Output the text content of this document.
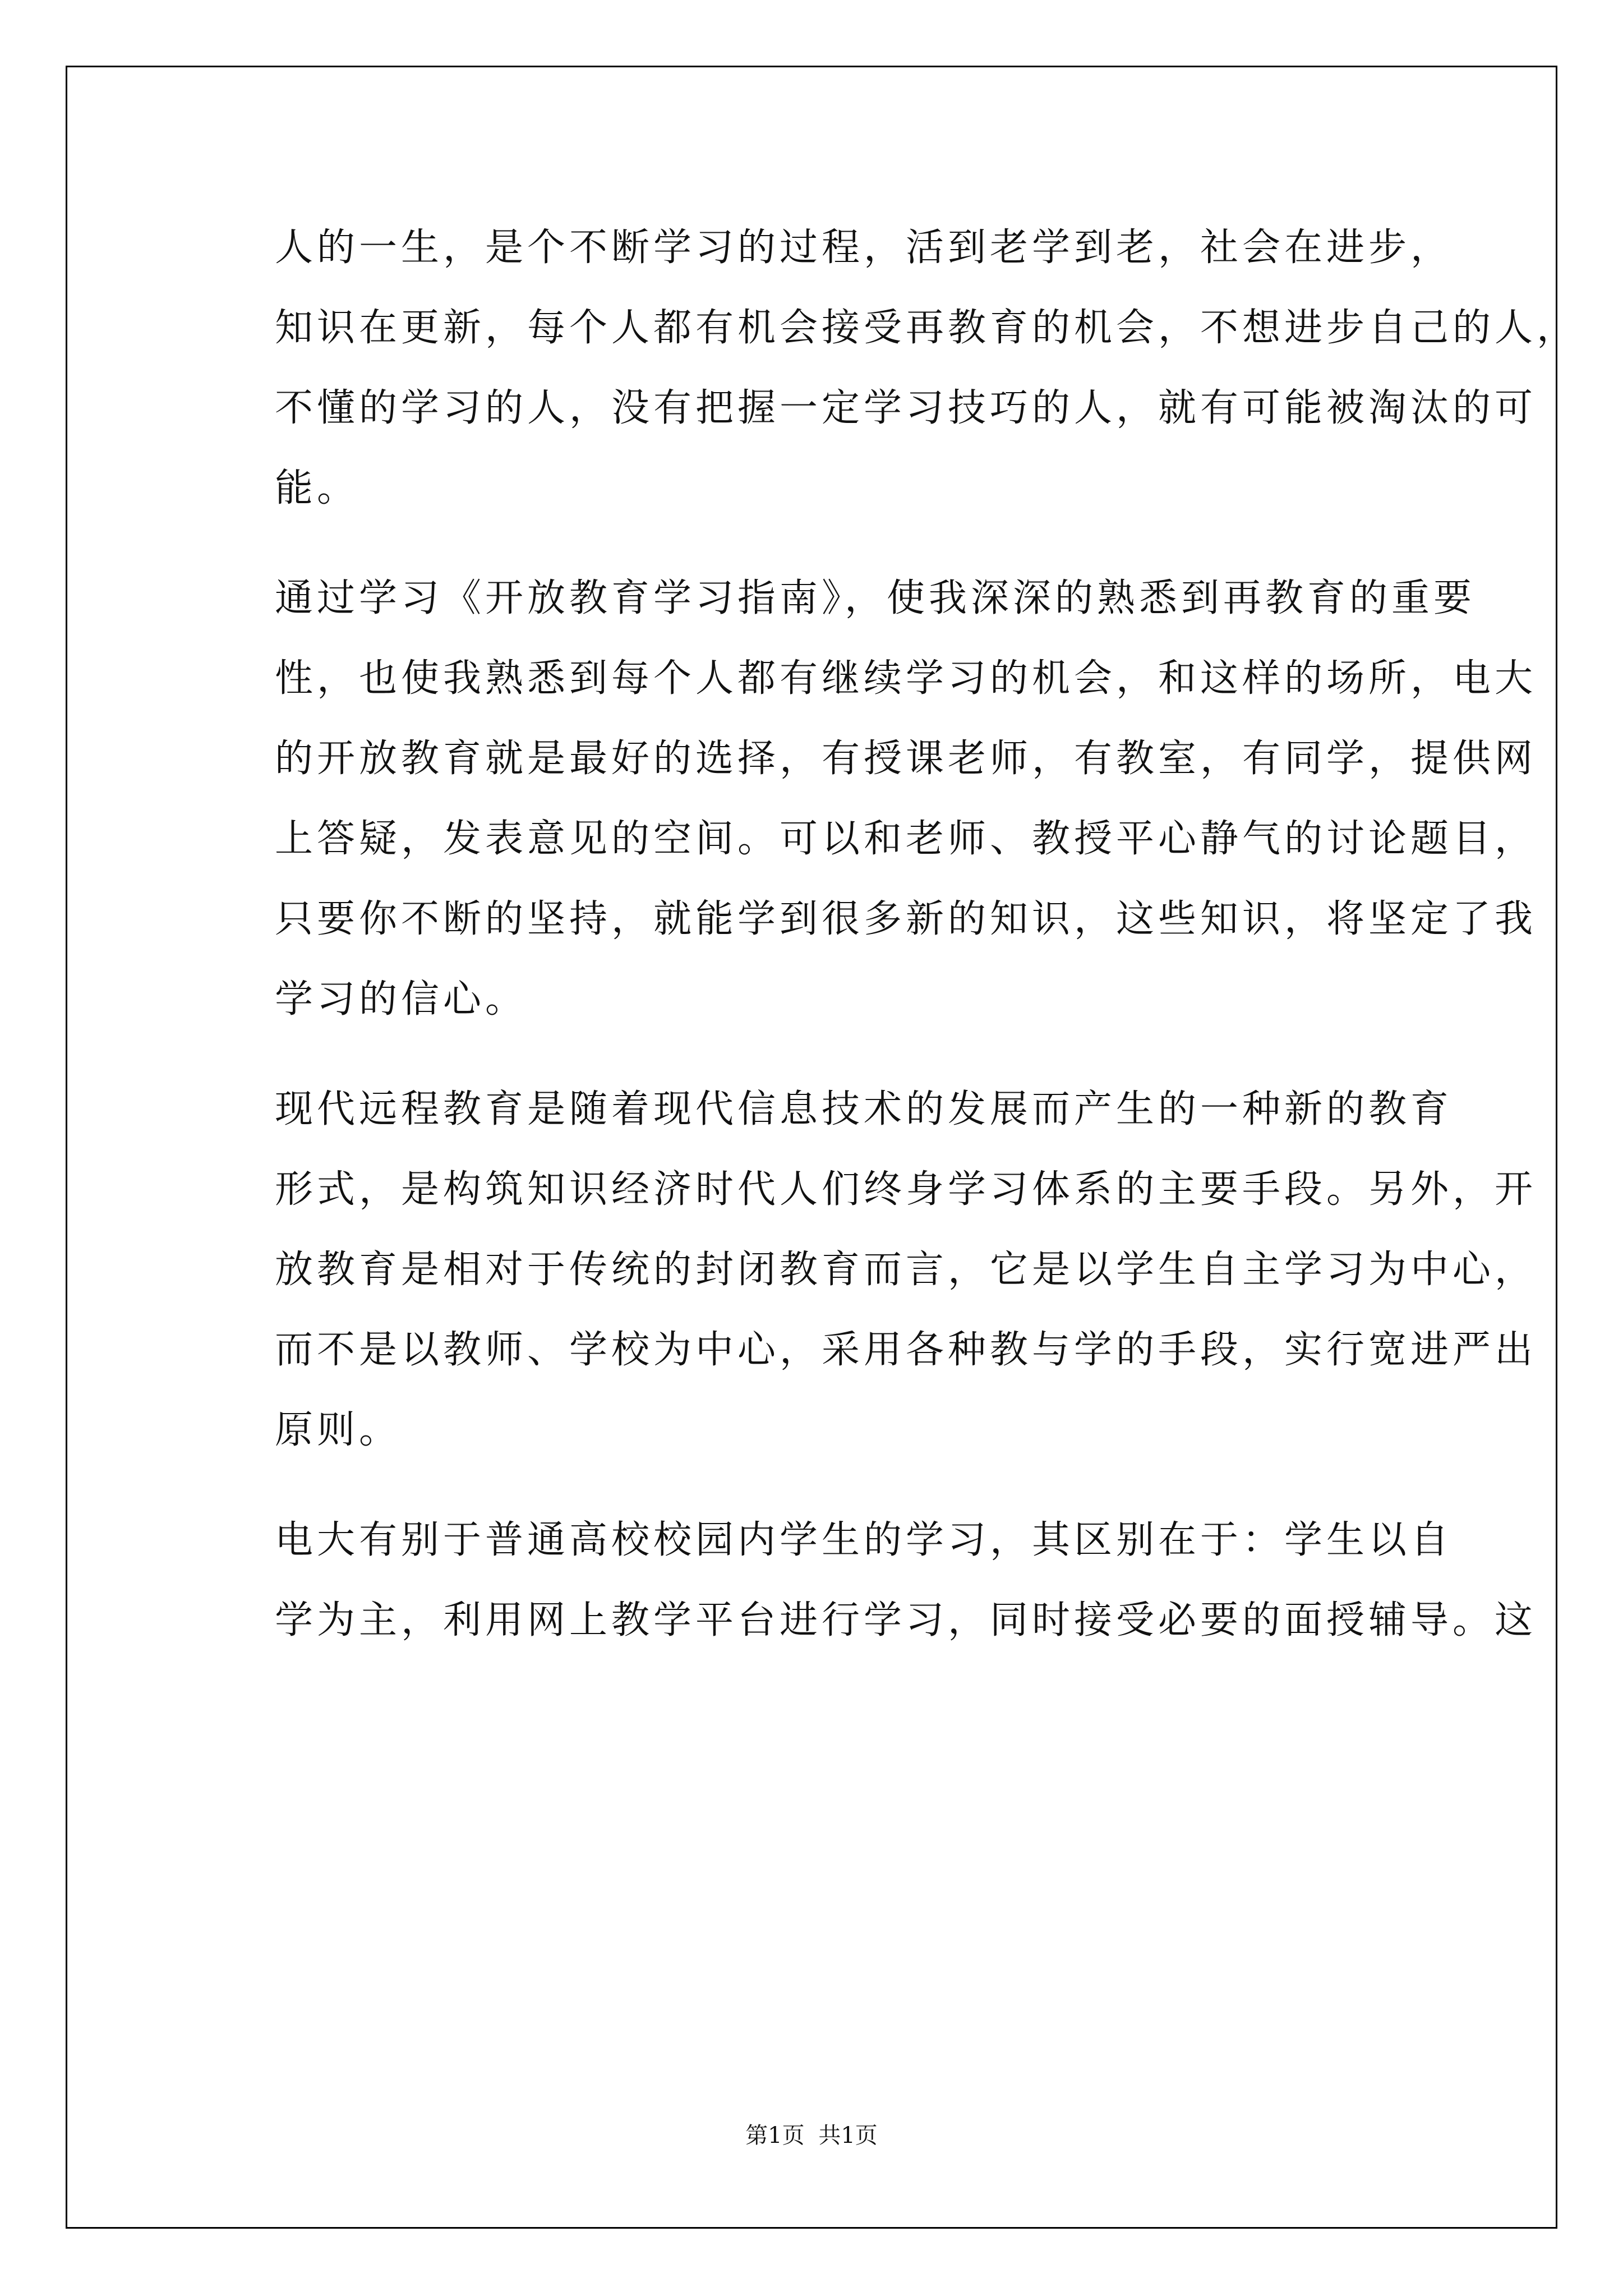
人的一生，是个不断学习的过程，活到老学到老，社会在进步，
知识在更新，每个人都有机会接受再教育的机会，不想进步自己的人，
不懂的学习的人，没有把握一定学习技巧的人，就有可能被淘汰的可
能。

通过学习《开放教育学习指南》，使我深深的熟悉到再教育的重要
性，也使我熟悉到每个人都有继续学习的机会，和这样的场所，电大
的开放教育就是最好的选择，有授课老师，有教室，有同学，提供网
上答疑，发表意见的空间。可以和老师、教授平心静气的讨论题目，
只要你不断的坚持，就能学到很多新的知识，这些知识，将坚定了我
学习的信心。

现代远程教育是随着现代信息技术的发展而产生的一种新的教育
形式，是构筑知识经济时代人们终身学习体系的主要手段。另外，开
放教育是相对于传统的封闭教育而言，它是以学生自主学习为中心，
而不是以教师、学校为中心，采用各种教与学的手段，实行宽进严出
原则。

电大有别于普通高校校园内学生的学习，其区别在于：学生以自
学为主，利用网上教学平台进行学习，同时接受必要的面授辅导。这

第1页 共1页
